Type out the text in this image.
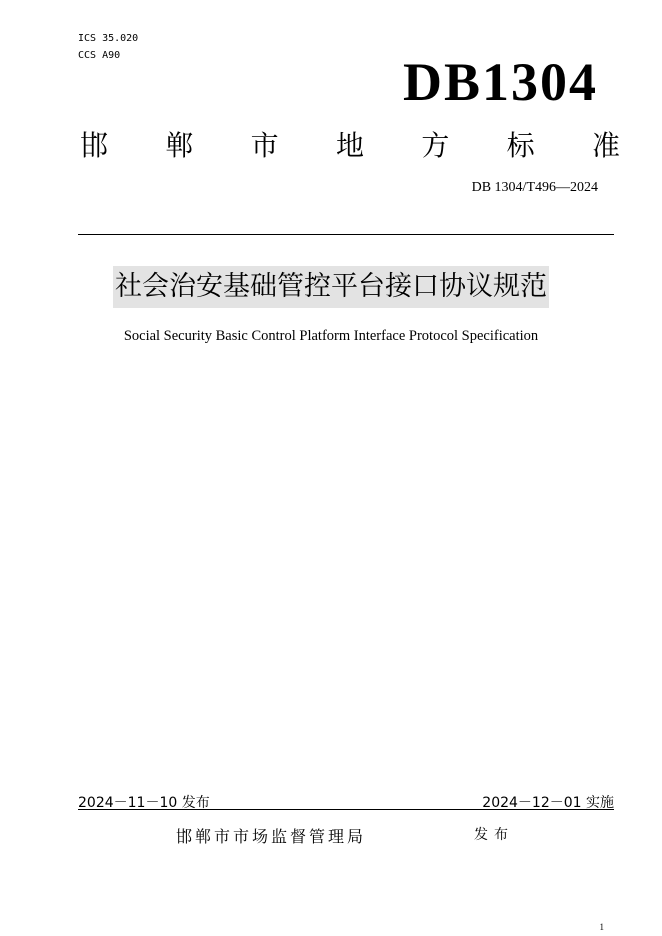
ICS 35.020
CCS A90	DB1304
邯 郸 市 地 方 标 准
DB 1304/T496—2024
社会治安基础管控平台接口协议规范
Social Security Basic Control Platform Interface Protocol Specification
2024－11－10 发布	2024－12－01 实施
邯郸市市场监督管理局	发布
1
